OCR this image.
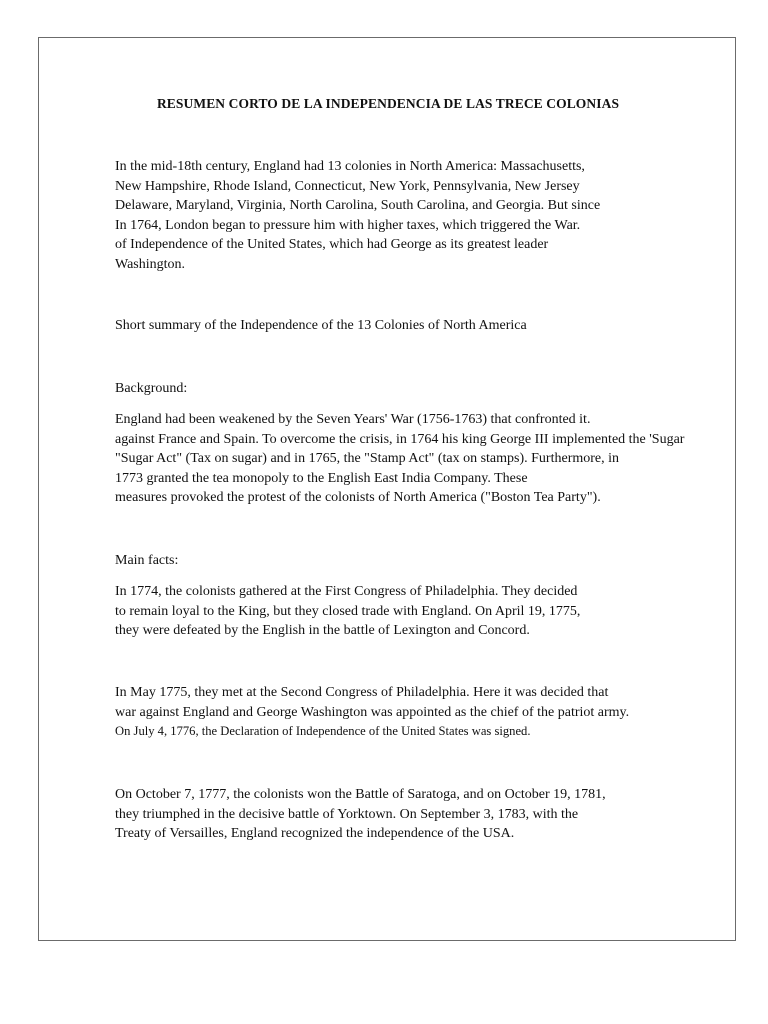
RESUMEN CORTO DE LA INDEPENDENCIA DE LAS TRECE COLONIAS
In the mid-18th century, England had 13 colonies in North America: Massachusetts,
New Hampshire, Rhode Island, Connecticut, New York, Pennsylvania, New Jersey
Delaware, Maryland, Virginia, North Carolina, South Carolina, and Georgia. But since
In 1764, London began to pressure him with higher taxes, which triggered the War.
of Independence of the United States, which had George as its greatest leader
Washington.
Short summary of the Independence of the 13 Colonies of North America
Background:
England had been weakened by the Seven Years' War (1756-1763) that confronted it.
against France and Spain. To overcome the crisis, in 1764 his king George III implemented the 'Sugar
"Sugar Act" (Tax on sugar) and in 1765, the "Stamp Act" (tax on stamps). Furthermore, in
1773 granted the tea monopoly to the English East India Company. These
measures provoked the protest of the colonists of North America ("Boston Tea Party").
Main facts:
In 1774, the colonists gathered at the First Congress of Philadelphia. They decided
to remain loyal to the King, but they closed trade with England. On April 19, 1775,
they were defeated by the English in the battle of Lexington and Concord.
In May 1775, they met at the Second Congress of Philadelphia. Here it was decided that
war against England and George Washington was appointed as the chief of the patriot army.
On July 4, 1776, the Declaration of Independence of the United States was signed.
On October 7, 1777, the colonists won the Battle of Saratoga, and on October 19, 1781,
they triumphed in the decisive battle of Yorktown. On September 3, 1783, with the
Treaty of Versailles, England recognized the independence of the USA.
